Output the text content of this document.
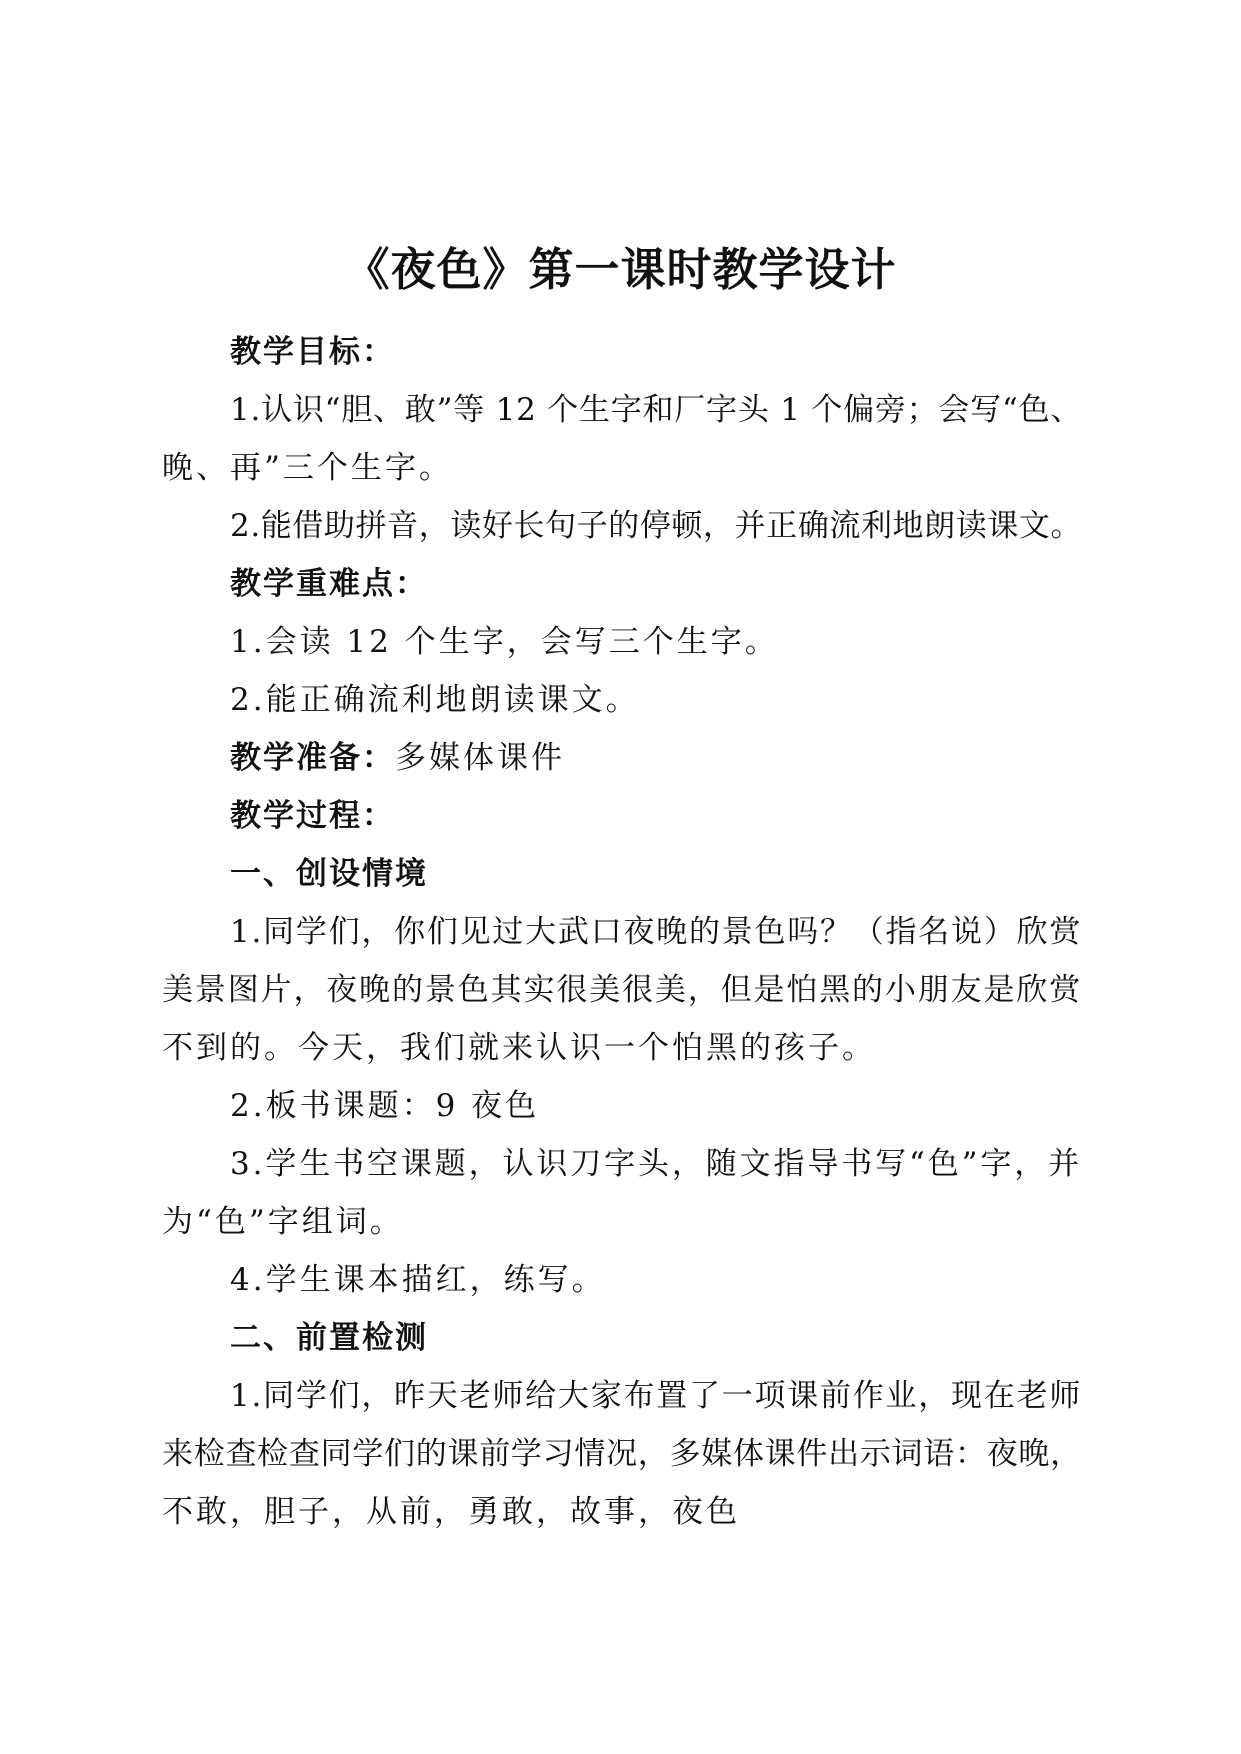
《夜色》第一课时教学设计
教学目标：
1.认识“胆、敢”等 12 个生字和厂字头 1 个偏旁；会写“色、
晚、再”三个生字。
2.能借助拼音，读好长句子的停顿，并正确流利地朗读课文。
教学重难点：
1.会读 12 个生字，会写三个生字。
2.能正确流利地朗读课文。
教学准备：多媒体课件
教学过程：
一、创设情境
1.同学们，你们见过大武口夜晚的景色吗？（指名说）欣赏
美景图片，夜晚的景色其实很美很美，但是怕黑的小朋友是欣赏
不到的。今天，我们就来认识一个怕黑的孩子。
2.板书课题：9 夜色
3.学生书空课题，认识刀字头，随文指导书写“色”字，并
为“色”字组词。
4.学生课本描红，练写。
二、前置检测
1.同学们，昨天老师给大家布置了一项课前作业，现在老师
来检查检查同学们的课前学习情况，多媒体课件出示词语：夜晚，
不敢，胆子，从前，勇敢，故事，夜色
